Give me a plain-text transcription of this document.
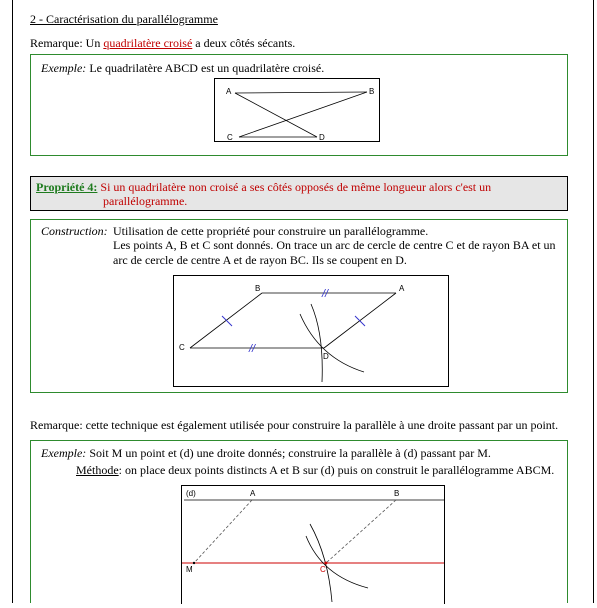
2 - Caractérisation du parallélogramme
Remarque: Un quadrilatère croisé a deux côtés sécants.
Exemple: Le quadrilatère ABCD est un quadrilatère croisé.
A	B
C	D
Propriété 4: Si un quadrilatère non croisé a ses côtés opposés de même longueur alors c'est un
parallélogramme.
Construction: Utilisation de cette propriété pour construire un parallélogramme.
Les points A, B et C sont donnés. On trace un arc de cercle de centre C et de rayon BA et un
arc de cercle de centre A et de rayon BC. Ils se coupent en D.
//
//
B	A
C
D
Remarque: cette technique est également utilisée pour construire la parallèle à une droite passant par un point.
Exemple: Soit M un point et (d) une droite donnés; construire la parallèle à (d) passant par M.
Méthode: on place deux points distincts A et B sur (d) puis on construit le parallélogramme ABCM.
(d)	A	B
M	C
